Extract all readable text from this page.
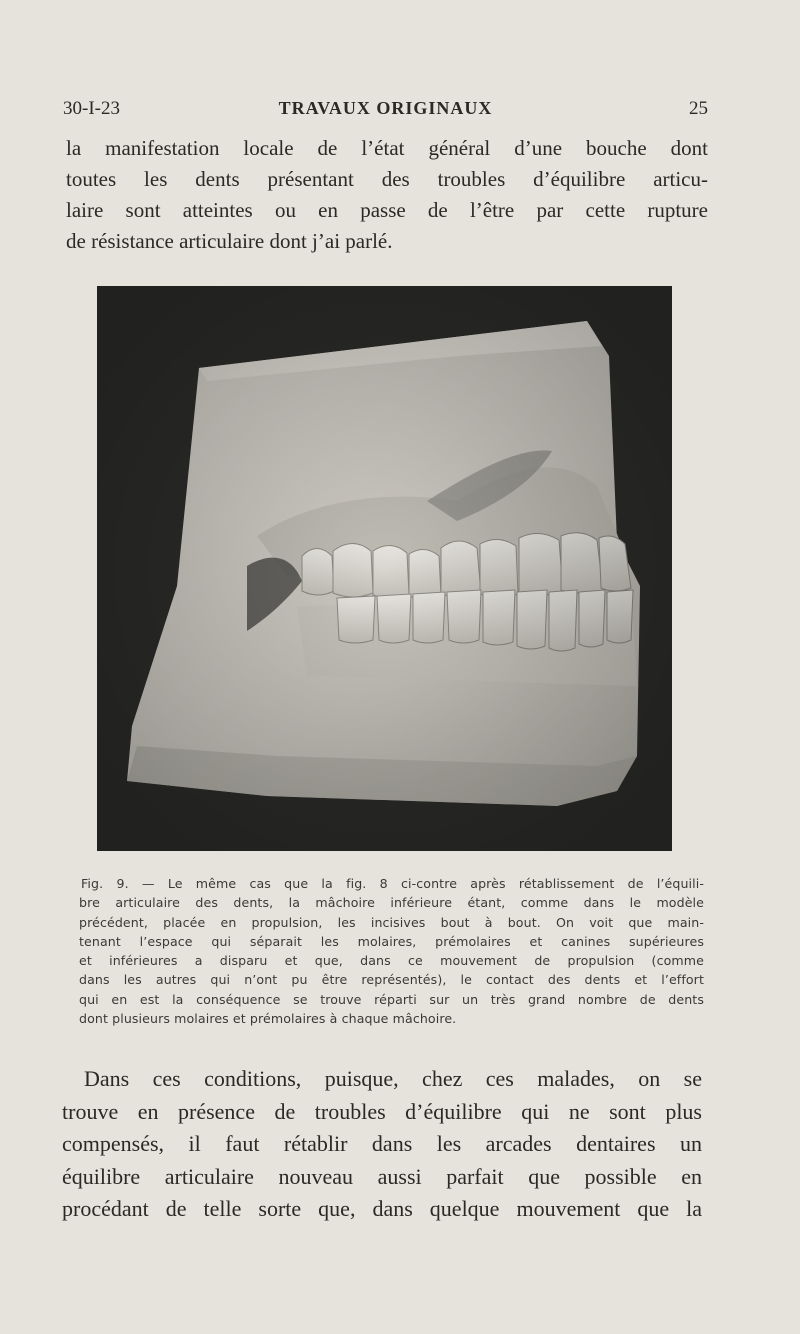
30-I-23	TRAVAUX ORIGINAUX	25
la manifestation locale de l’état général d’une bouche dont
toutes les dents présentant des troubles d’équilibre articu-
laire sont atteintes ou en passe de l’être par cette rupture
de résistance articulaire dont j’ai parlé.
Fig. 9. — Le même cas que la fig. 8 ci-contre après rétablissement de l’équili-
bre articulaire des dents, la mâchoire inférieure étant, comme dans le modèle
précédent, placée en propulsion, les incisives bout à bout. On voit que main-
tenant l’espace qui séparait les molaires, prémolaires et canines supérieures
et inférieures a disparu et que, dans ce mouvement de propulsion (comme
dans les autres qui n’ont pu être représentés), le contact des dents et l’effort
qui en est la conséquence se trouve réparti sur un très grand nombre de dents
dont plusieurs molaires et prémolaires à chaque mâchoire.
Dans ces conditions, puisque, chez ces malades, on se
trouve en présence de troubles d’équilibre qui ne sont plus
compensés, il faut rétablir dans les arcades dentaires un
équilibre articulaire nouveau aussi parfait que possible en
procédant de telle sorte que, dans quelque mouvement que la
